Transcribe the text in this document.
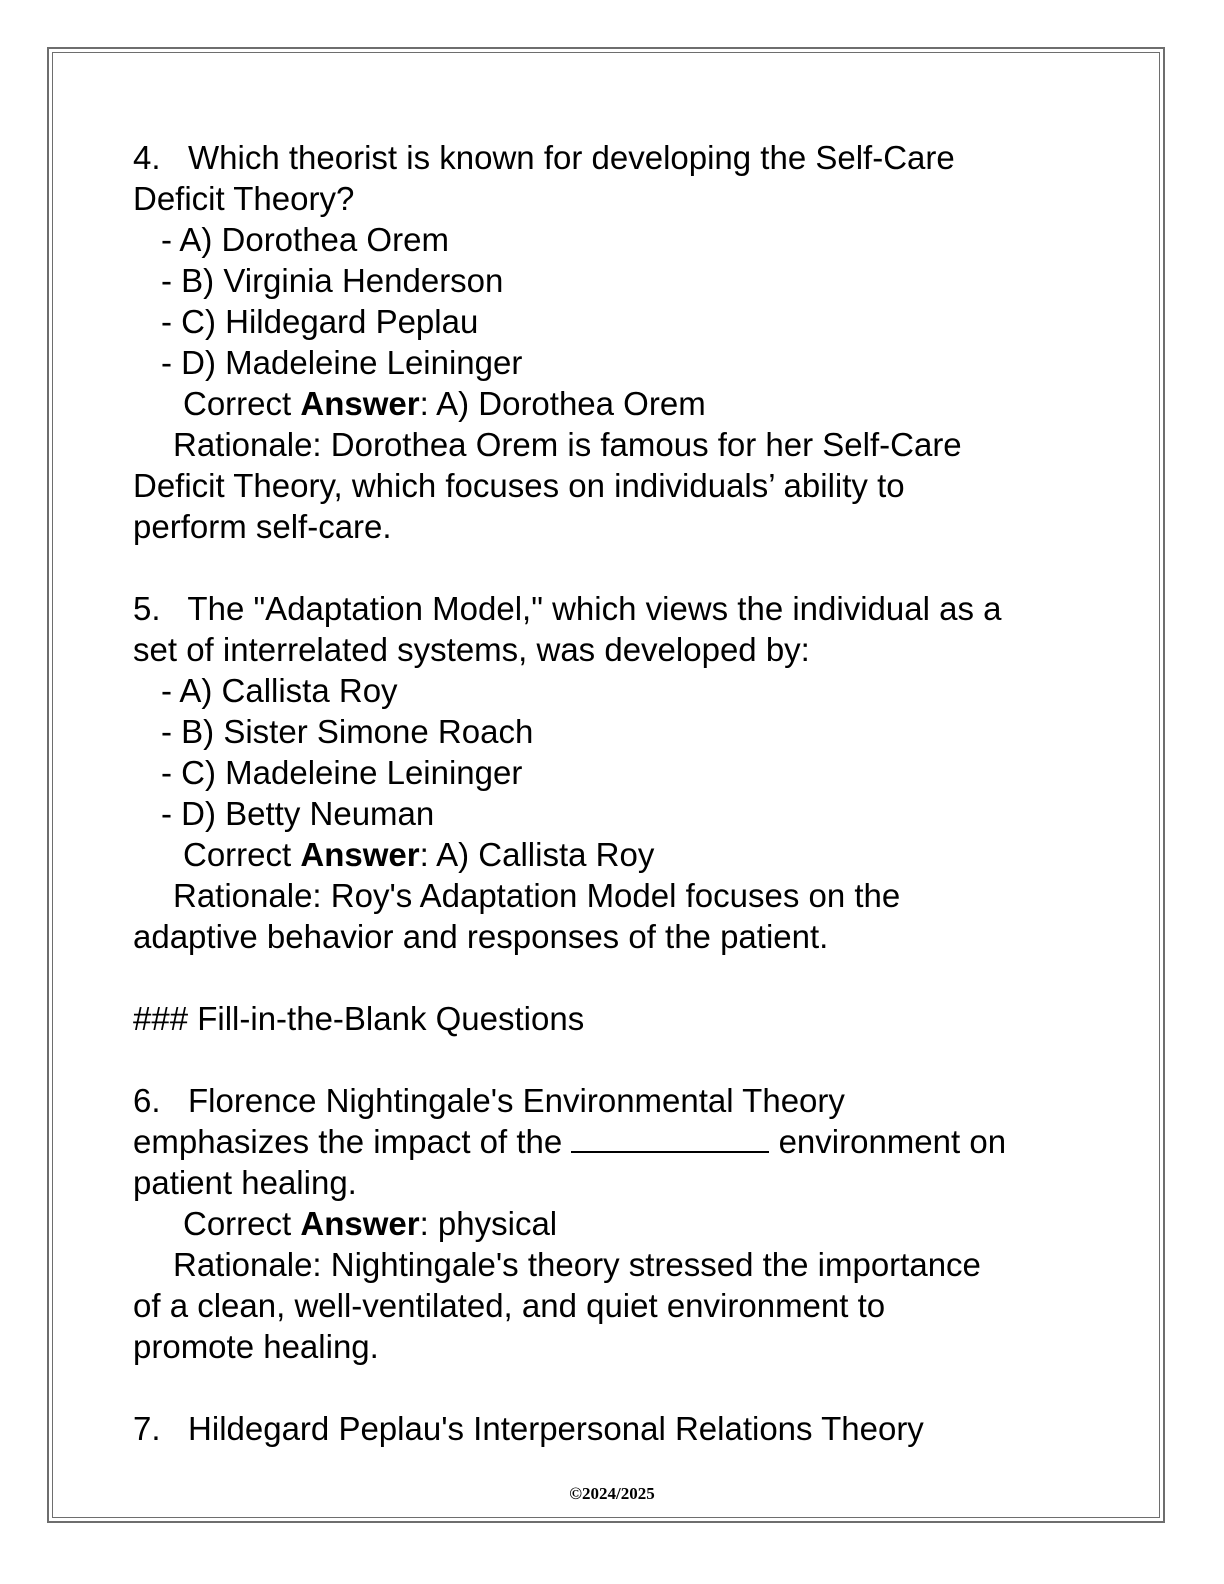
4.   Which theorist is known for developing the Self-Care
Deficit Theory?
- A) Dorothea Orem
- B) Virginia Henderson
- C) Hildegard Peplau
- D) Madeleine Leininger
Correct Answer: A) Dorothea Orem
Rationale: Dorothea Orem is famous for her Self-Care
Deficit Theory, which focuses on individuals’ ability to
perform self-care.
5.   The "Adaptation Model," which views the individual as a
set of interrelated systems, was developed by:
- A) Callista Roy
- B) Sister Simone Roach
- C) Madeleine Leininger
- D) Betty Neuman
Correct Answer: A) Callista Roy
Rationale: Roy's Adaptation Model focuses on the
adaptive behavior and responses of the patient.
### Fill-in-the-Blank Questions
6.   Florence Nightingale's Environmental Theory
emphasizes the impact of the	environment on
patient healing.
Correct Answer: physical
Rationale: Nightingale's theory stressed the importance
of a clean, well-ventilated, and quiet environment to
promote healing.
7.   Hildegard Peplau's Interpersonal Relations Theory
©2024/2025
